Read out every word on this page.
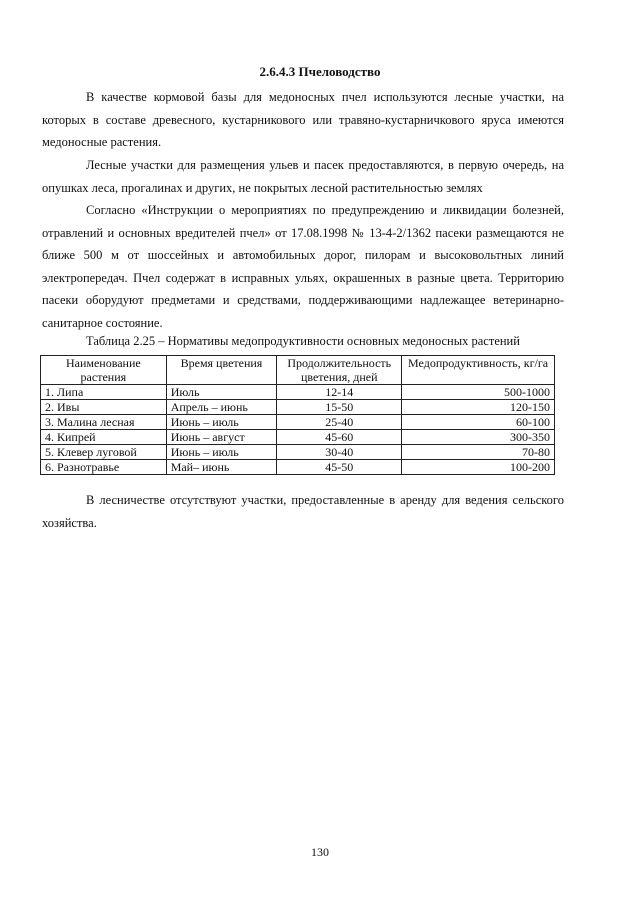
2.6.4.3 Пчеловодство

В качестве кормовой базы для медоносных пчел используются лесные участки, на которых в составе древесного, кустарникового или травяно-кустарничкового яруса имеются медоносные растения.

Лесные участки для размещения ульев и пасек предоставляются, в первую очередь, на опушках леса, прогалинах и других, не покрытых лесной растительностью землях

Согласно «Инструкции о мероприятиях по предупреждению и ликвидации болезней, отравлений и основных вредителей пчел» от 17.08.1998 № 13-4-2/1362 пасеки размещаются не ближе 500 м от шоссейных и автомобильных дорог, пилорам и высоковольтных линий электропередач. Пчел содержат в исправных ульях, окрашенных в разные цвета. Территорию пасеки оборудуют предметами и средствами, поддерживающими надлежащее ветеринарно-санитарное состояние.

Таблица 2.25 – Нормативы медопродуктивности основных медоносных растений
Наименование растения	Время цветения	Продолжительность цветения, дней	Медопродуктивность, кг/га
1. Липа	Июль	12-14	500-1000
2. Ивы	Апрель – июнь	15-50	120-150
3. Малина лесная	Июнь – июль	25-40	60-100
4. Кипрей	Июнь – август	45-60	300-350
5. Клевер луговой	Июнь – июль	30-40	70-80
6. Разнотравье	Май– июнь	45-50	100-200

В лесничестве отсутствуют участки, предоставленные в аренду для ведения сельского хозяйства.

130
